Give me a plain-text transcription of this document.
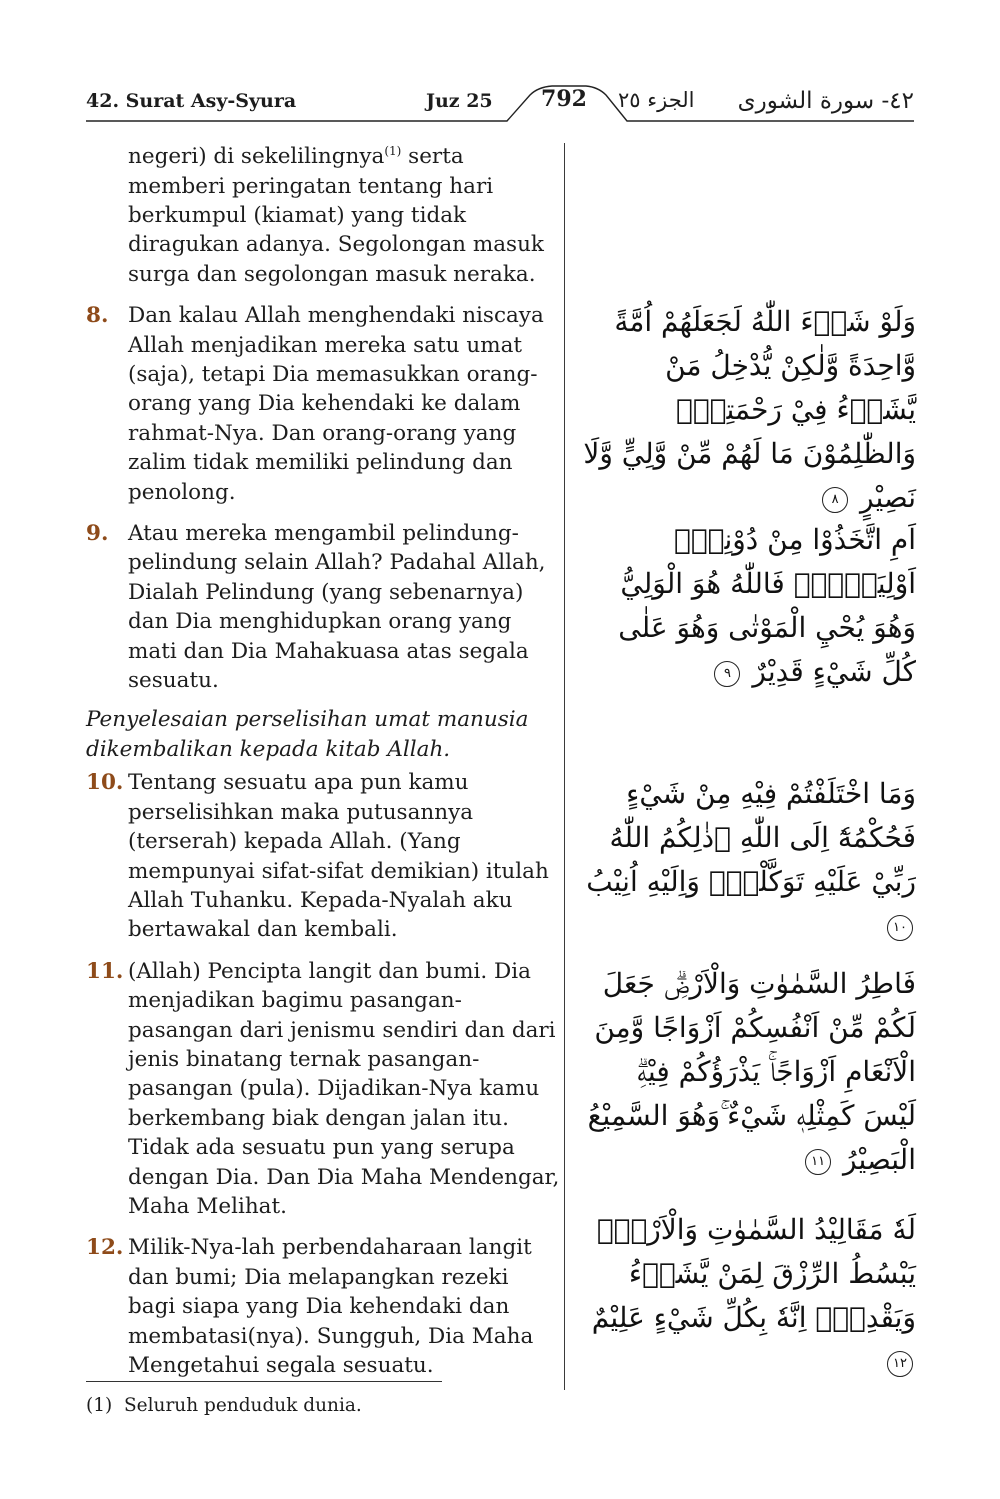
42. Surat Asy-Syura	Juz 25	792	الجزء ٢٥ ٤٢- سورة الشورى
negeri) di sekelilingnya$^{(1)}$ serta memberi peringatan tentang hari berkumpul (kiamat) yang tidak diragukan adanya. Segolongan masuk surga dan segolongan masuk neraka.
8. Dan kalau Allah menghendaki niscaya Allah menjadikan mereka satu umat (saja), tetapi Dia memasukkan orang-orang yang Dia kehendaki ke dalam rahmat-Nya. Dan orang-orang yang zalim tidak memiliki pelindung dan penolong.
9. Atau mereka mengambil pelindung-pelindung selain Allah? Padahal Allah, Dialah Pelindung (yang sebenarnya) dan Dia menghidupkan orang yang mati dan Dia Mahakuasa atas segala sesuatu.
Penyelesaian perselisihan umat manusia dikembalikan kepada kitab Allah.
10. Tentang sesuatu apa pun kamu perselisihkan maka putusannya (terserah) kepada Allah. (Yang mempunyai sifat-sifat demikian) itulah Allah Tuhanku. Kepada-Nyalah aku bertawakal dan kembali.
11. (Allah) Pencipta langit dan bumi. Dia menjadikan bagimu pasangan-pasangan dari jenismu sendiri dan dari jenis binatang ternak pasangan-pasangan (pula). Dijadikan-Nya kamu berkembang biak dengan jalan itu. Tidak ada sesuatu pun yang serupa dengan Dia. Dan Dia Maha Mendengar, Maha Melihat.
12. Milik-Nya-lah perbendaharaan langit dan bumi; Dia melapangkan rezeki bagi siapa yang Dia kehendaki dan membatasi(nya). Sungguh, Dia Maha Mengetahui segala sesuatu.
وَلَوْ شَاۤءَ اللّٰهُ لَجَعَلَهُمْ اُمَّةً وَّاحِدَةً وَّلٰكِنْ يُّدْخِلُ مَنْ يَّشَاۤءُ فِيْ رَحْمَتِهٖۗ وَالظّٰلِمُوْنَ مَا لَهُمْ مِّنْ وَّلِيٍّ وَّلَا نَصِيْرٍ ٨
اَمِ اتَّخَذُوْا مِنْ دُوْنِهٖٓ اَوْلِيَاۤءَۚ فَاللّٰهُ هُوَ الْوَلِيُّ وَهُوَ يُحْيِ الْمَوْتٰى وَهُوَ عَلٰى كُلِّ شَيْءٍ قَدِيْرٌ ٩
وَمَا اخْتَلَفْتُمْ فِيْهِ مِنْ شَيْءٍ فَحُكْمُهٗٓ اِلَى اللّٰهِ ۗذٰلِكُمُ اللّٰهُ رَبِّيْ عَلَيْهِ تَوَكَّلْتُۖ وَاِلَيْهِ اُنِيْبُ ١٠
فَاطِرُ السَّمٰوٰتِ وَالْاَرْضِۗ جَعَلَ لَكُمْ مِّنْ اَنْفُسِكُمْ اَزْوَاجًا وَّمِنَ الْاَنْعَامِ اَزْوَاجًاۚ يَذْرَؤُكُمْ فِيْهِۗ لَيْسَ كَمِثْلِهٖ شَيْءٌ ۚوَهُوَ السَّمِيْعُ الْبَصِيْرُ ١١
لَهٗ مَقَالِيْدُ السَّمٰوٰتِ وَالْاَرْضِۚ يَبْسُطُ الرِّزْقَ لِمَنْ يَّشَاۤءُ وَيَقْدِرُۗ اِنَّهٗ بِكُلِّ شَيْءٍ عَلِيْمٌ ١٢
(1) Seluruh penduduk dunia.
